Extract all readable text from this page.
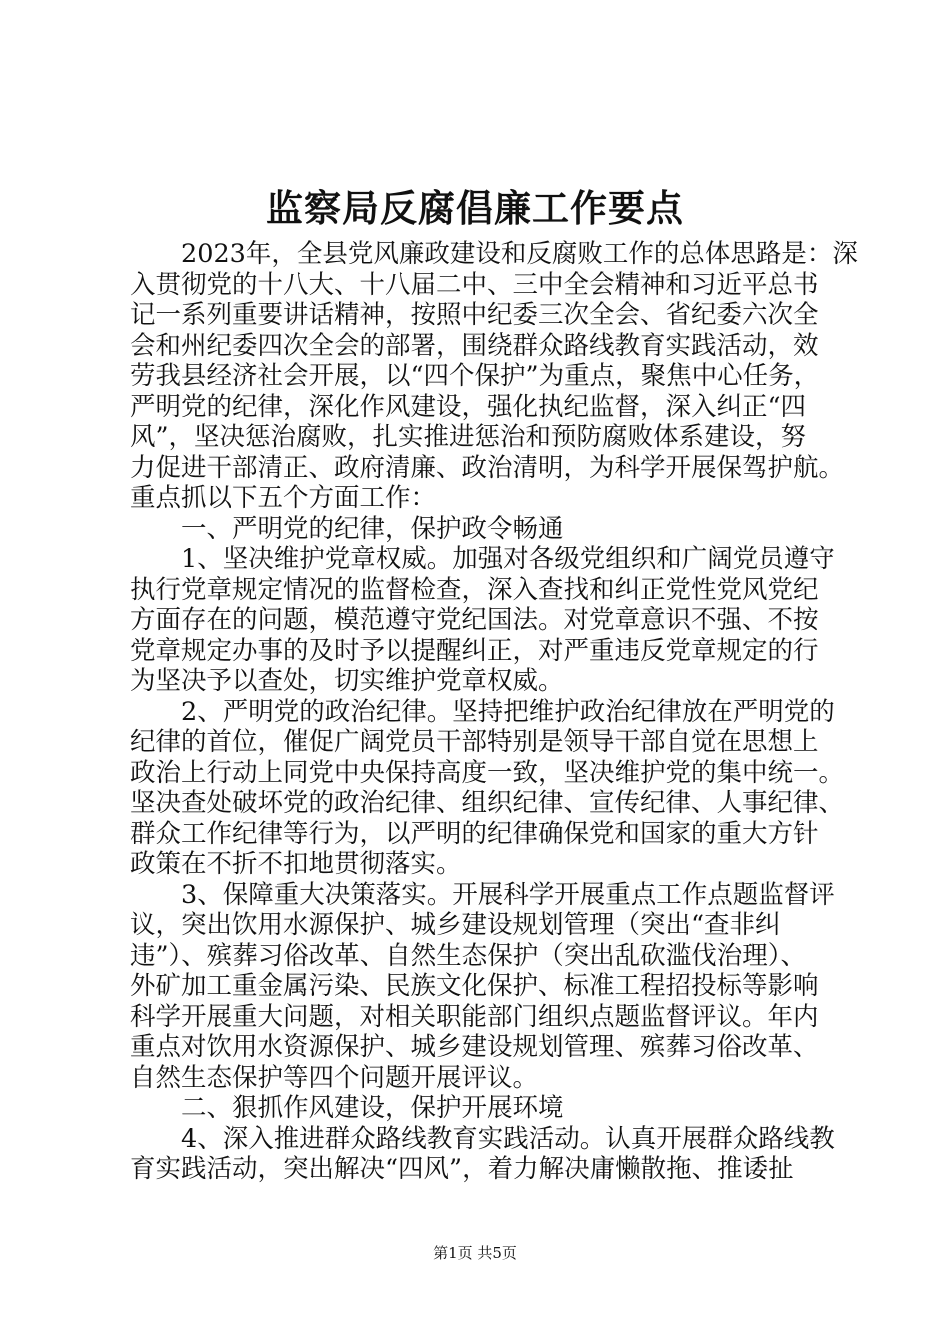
监察局反腐倡廉工作要点
　　2023年，全县党风廉政建设和反腐败工作的总体思路是：深
入贯彻党的十八大、十八届二中、三中全会精神和习近平总书
记一系列重要讲话精神，按照中纪委三次全会、省纪委六次全
会和州纪委四次全会的部署，围绕群众路线教育实践活动，效
劳我县经济社会开展，以“四个保护”为重点，聚焦中心任务，
严明党的纪律，深化作风建设，强化执纪监督，深入纠正“四
风”，坚决惩治腐败，扎实推进惩治和预防腐败体系建设，努
力促进干部清正、政府清廉、政治清明，为科学开展保驾护航。
重点抓以下五个方面工作：
　　一、严明党的纪律，保护政令畅通
　　1、坚决维护党章权威。加强对各级党组织和广阔党员遵守
执行党章规定情况的监督检查，深入查找和纠正党性党风党纪
方面存在的问题，模范遵守党纪国法。对党章意识不强、不按
党章规定办事的及时予以提醒纠正，对严重违反党章规定的行
为坚决予以查处，切实维护党章权威。
　　2、严明党的政治纪律。坚持把维护政治纪律放在严明党的
纪律的首位，催促广阔党员干部特别是领导干部自觉在思想上
政治上行动上同党中央保持高度一致，坚决维护党的集中统一。
坚决查处破坏党的政治纪律、组织纪律、宣传纪律、人事纪律、
群众工作纪律等行为，以严明的纪律确保党和国家的重大方针
政策在不折不扣地贯彻落实。
　　3、保障重大决策落实。开展科学开展重点工作点题监督评
议，突出饮用水源保护、城乡建设规划管理（突出“查非纠
违”）、殡葬习俗改革、自然生态保护（突出乱砍滥伐治理）、
外矿加工重金属污染、民族文化保护、标准工程招投标等影响
科学开展重大问题，对相关职能部门组织点题监督评议。年内
重点对饮用水资源保护、城乡建设规划管理、殡葬习俗改革、
自然生态保护等四个问题开展评议。
　　二、狠抓作风建设，保护开展环境
　　4、深入推进群众路线教育实践活动。认真开展群众路线教
育实践活动，突出解决“四风”，着力解决庸懒散拖、推诿扯
第1页 共5页
